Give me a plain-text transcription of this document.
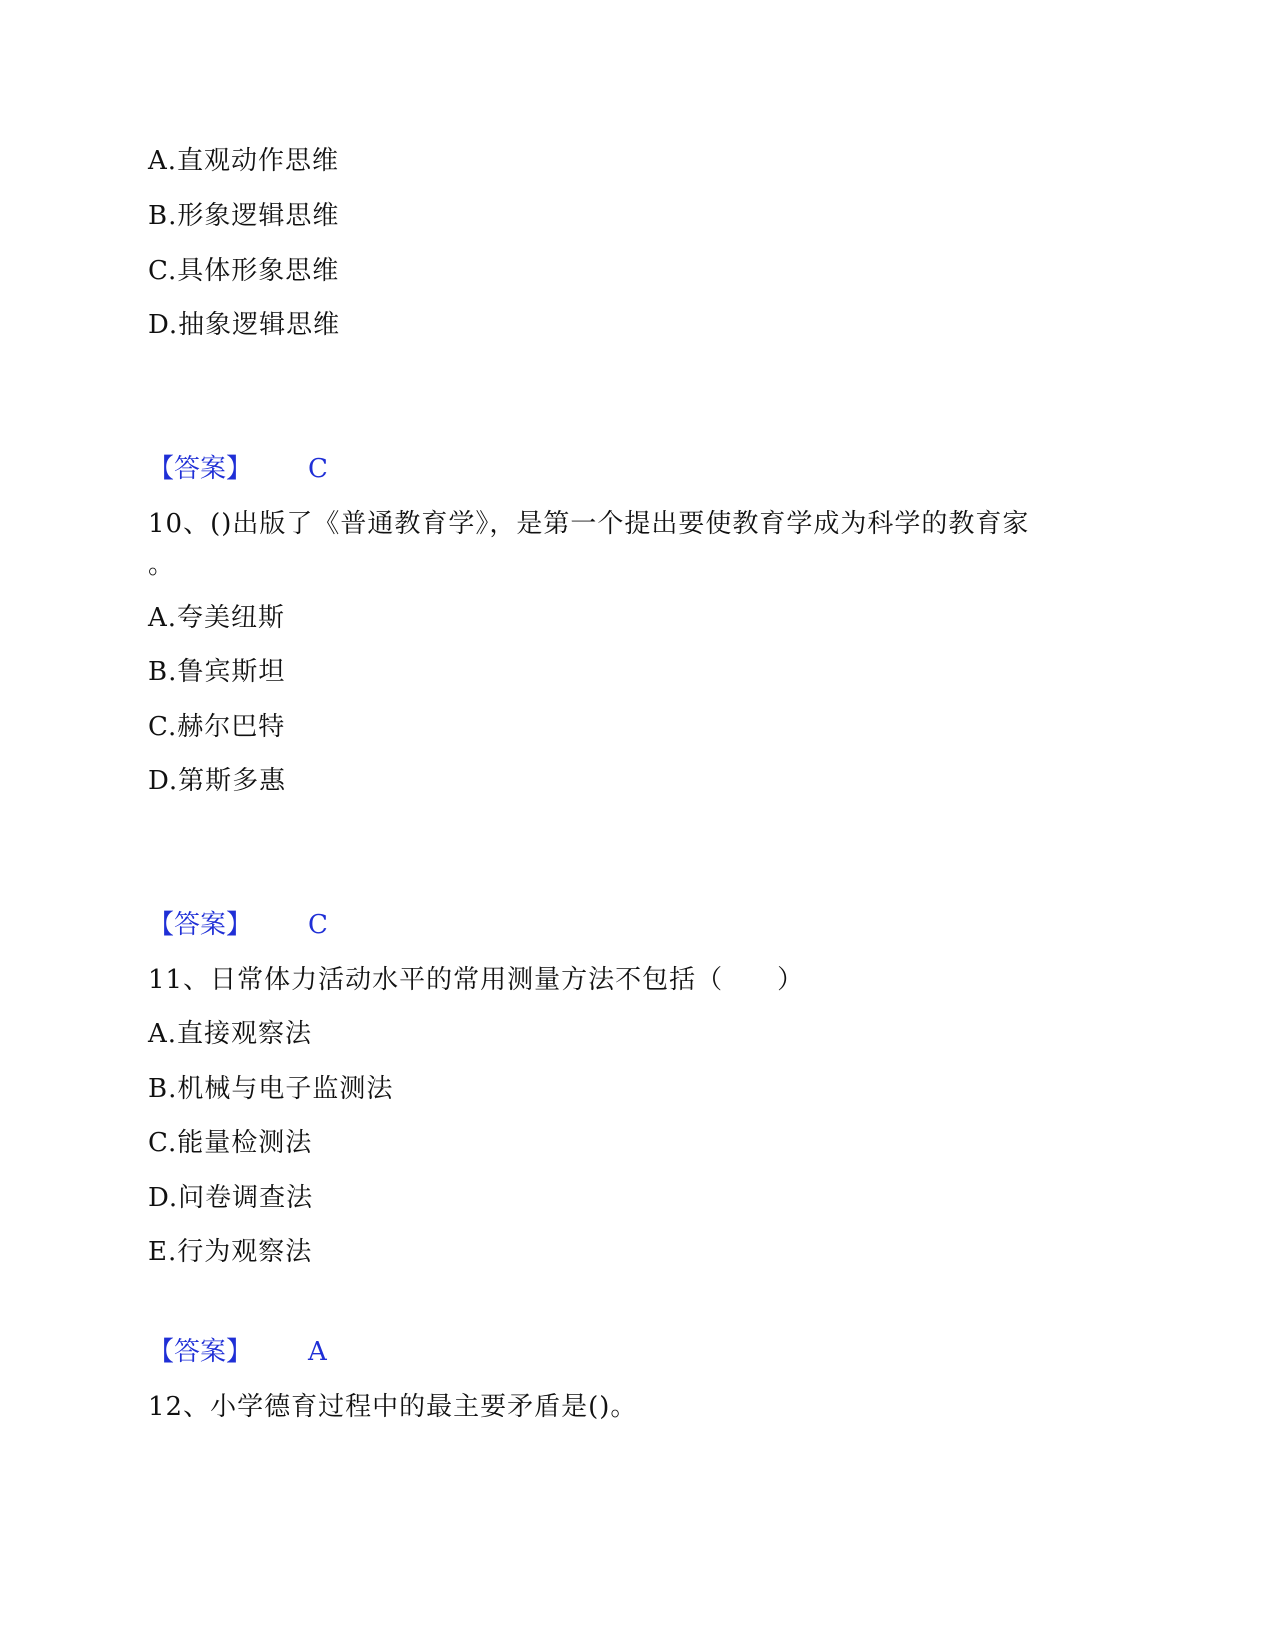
A.直观动作思维
B.形象逻辑思维
C.具体形象思维
D.抽象逻辑思维
【答案】 C
10、()出版了《普通教育学》，是第一个提出要使教育学成为科学的教育家
。
A.夸美纽斯
B.鲁宾斯坦
C.赫尔巴特
D.第斯多惠
【答案】 C
11、日常体力活动水平的常用测量方法不包括（　　）
A.直接观察法
B.机械与电子监测法
C.能量检测法
D.问卷调查法
E.行为观察法
【答案】 A
12、小学德育过程中的最主要矛盾是()。
